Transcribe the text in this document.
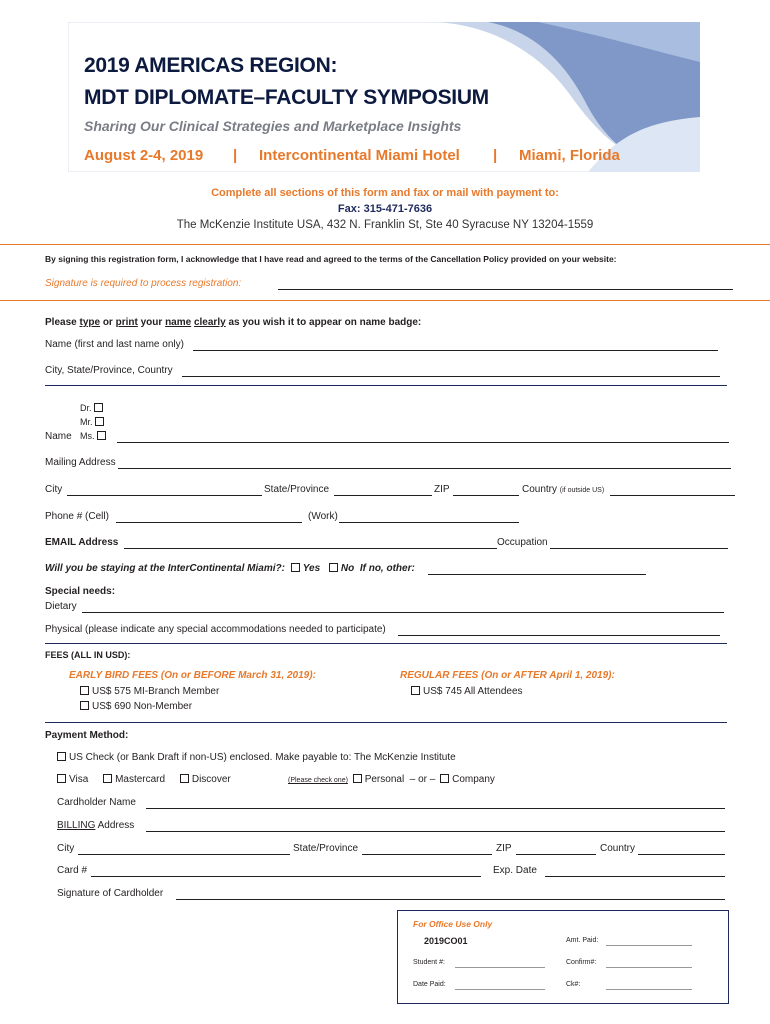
2019 AMERICAS REGION:
MDT DIPLOMATE–FACULTY SYMPOSIUM
Sharing Our Clinical Strategies and Marketplace Insights
August 2-4, 2019 | Intercontinental Miami Hotel | Miami, Florida
Complete all sections of this form and fax or mail with payment to:
Fax: 315-471-7636
The McKenzie Institute USA, 432 N. Franklin St, Ste 40 Syracuse NY 13204-1559
By signing this registration form, I acknowledge that I have read and agreed to the terms of the Cancellation Policy provided on your website:
Signature is required to process registration:
Please type or print your name clearly as you wish it to appear on name badge:
Name (first and last name only)
City, State/Province, Country
Dr.
Mr.
Ms.
Name
Mailing Address
City	State/Province	ZIP	Country (if outside US)
Phone # (Cell)	(Work)
EMAIL Address	Occupation
Will you be staying at the InterContinental Miami?: Yes No If no, other:
Special needs:
Dietary
Physical (please indicate any special accommodations needed to participate)
FEES (ALL IN USD):
EARLY BIRD FEES (On or BEFORE March 31, 2019):
US$ 575 MI-Branch Member
US$ 690 Non-Member
REGULAR FEES (On or AFTER April 1, 2019):
US$ 745 All Attendees
Payment Method:
US Check (or Bank Draft if non-US) enclosed. Make payable to: The McKenzie Institute
Visa	Mastercard	Discover	(Please check one) Personal – or – Company
Cardholder Name
BILLING Address
City	State/Province	ZIP	Country
Card #	Exp. Date
Signature of Cardholder
For Office Use Only
2019CO01	Amt. Paid:
Student #:	Confirm#:
Date Paid:	Ck#:
